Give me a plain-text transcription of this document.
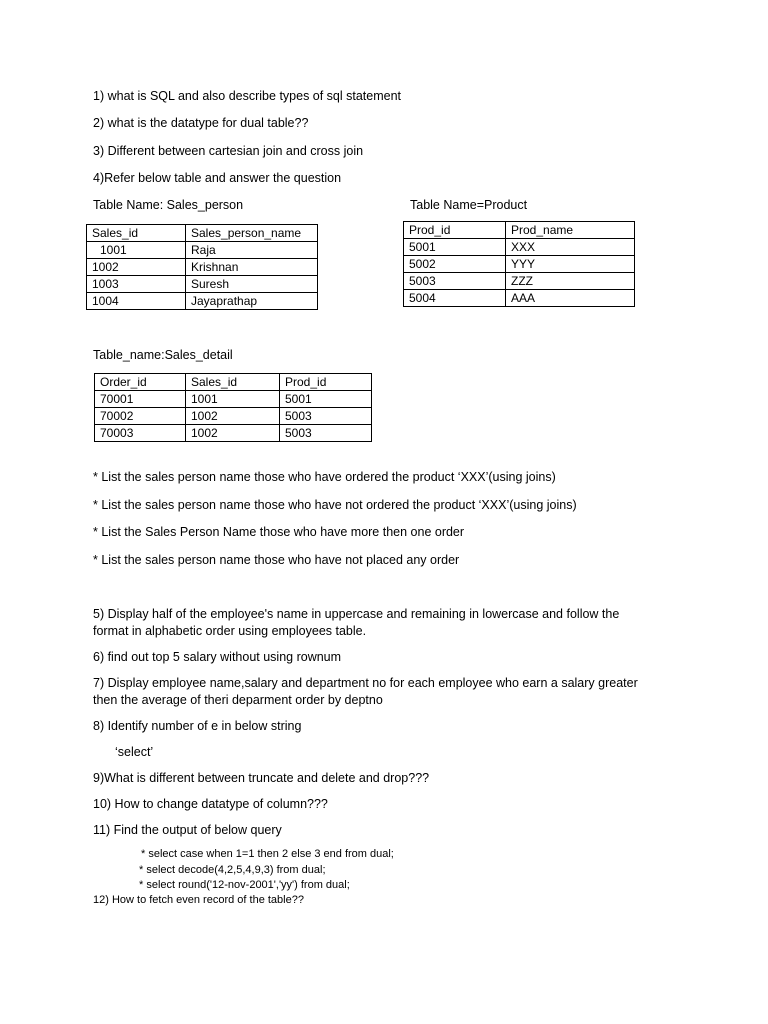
1) what is SQL and also describe types of sql statement
2) what is the datatype for dual table??
3) Different between cartesian join and cross join
4)Refer below table and answer the question
Table Name: Sales_person
Sales_id	Sales_person_name
1001	Raja
1002	Krishnan
1003	Suresh
1004	Jayaprathap
Table Name=Product
Prod_id	Prod_name
5001	XXX
5002	YYY
5003	ZZZ
5004	AAA
Table_name:Sales_detail
Order_id	Sales_id	Prod_id
70001	1001	5001
70002	1002	5003
70003	1002	5003
* List the sales person name those who have ordered the product ‘XXX’(using joins)
* List the sales person name those who have not ordered the product ‘XXX’(using joins)
* List the Sales Person Name those who have more then one order
* List the sales person name those who have not placed any order
5) Display half of the employee's name in uppercase and remaining in lowercase and follow the
format in alphabetic order using employees table.
6) find out top 5 salary without using rownum
7) Display employee name,salary and department no for each employee who earn a salary greater
then the average of theri deparment order by deptno
8) Identify number of e in below string
‘select’
9)What is different between truncate and delete and drop???
10) How to change datatype of column???
11) Find the output of below query
* select case when 1=1 then 2 else 3 end from dual;
* select decode(4,2,5,4,9,3) from dual;
* select round('12-nov-2001','yy') from dual;
12) How to fetch even record of the table??
